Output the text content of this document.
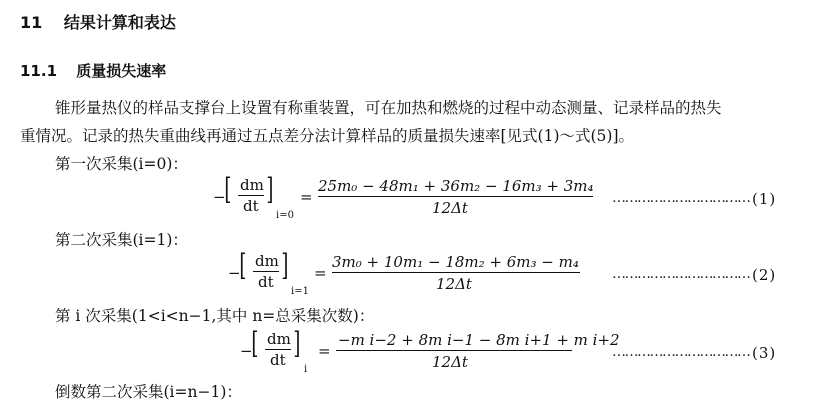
11 结果计算和表达
11.1 质量损失速率
锥形量热仪的样品支撑台上设置有称重装置，可在加热和燃烧的过程中动态测量、记录样品的热失
重情况。记录的热失重曲线再通过五点差分法计算样品的质量损失速率[见式(1)～式(5)]。
第一次采集(i=0)：
−
[ dm
dt ]
i=0
=
25m₀ − 48m₁ + 36m₂ − 16m₃ + 3m₄
12Δt
…………………………… (1)
第二次采集(i=1)：
−
[ dm
dt ]
i=1
=
3m₀ + 10m₁ − 18m₂ + 6m₃ − m₄
12Δt
…………………………… (2)
第 i 次采集(1<i<n−1,其中 n=总采集次数)：
−
[ dm
dt ]
i
=
−m i−2 + 8m i−1 − 8m i+1 + m i+2
12Δt
…………………………… (3)
倒数第二次采集(i=n−1)：
